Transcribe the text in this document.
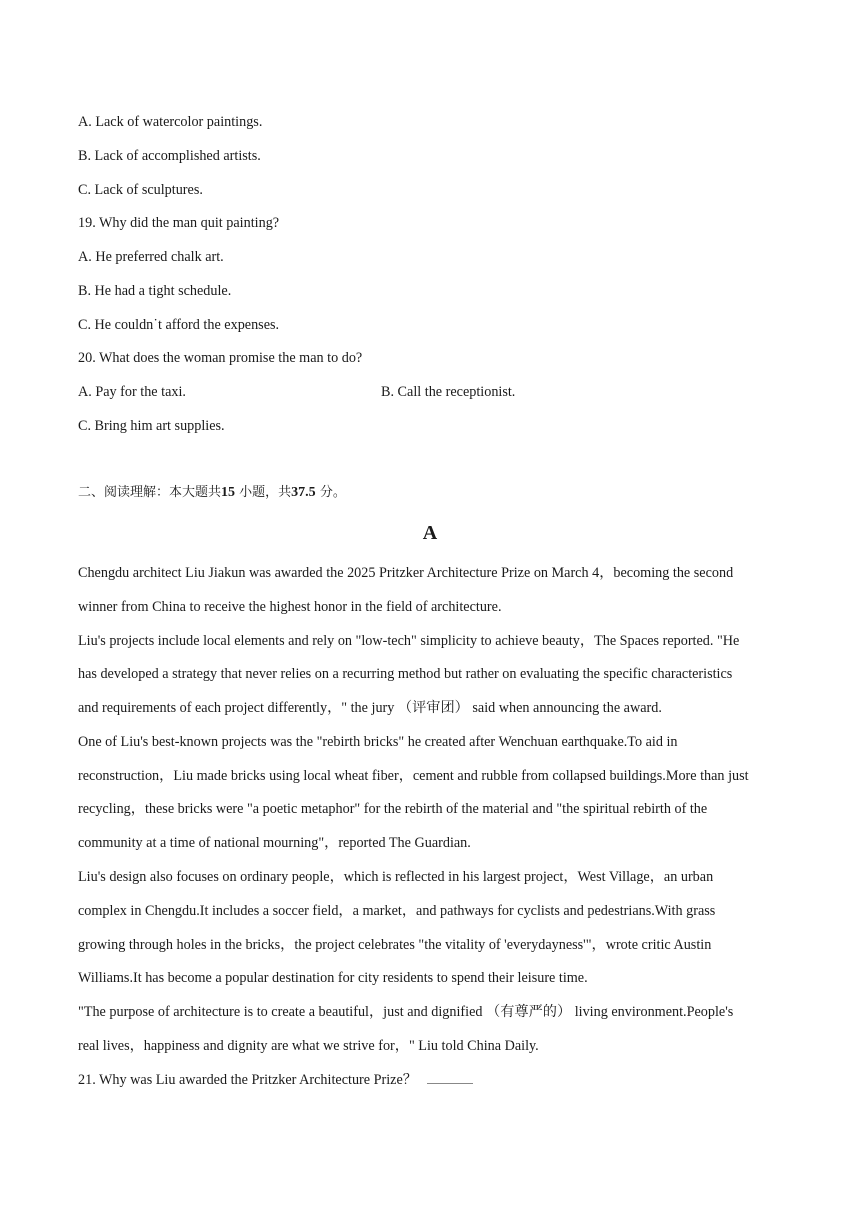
A. Lack of watercolor paintings.
B. Lack of accomplished artists.
C. Lack of sculptures.
19. Why did the man quit painting?
A. He preferred chalk art.
B. He had a tight schedule.
C. He couldn˙t afford the expenses.
20. What does the woman promise the man to do?
A. Pay for the taxi.	B. Call the receptionist.
C. Bring him art supplies.
二、阅读理解：本大题共15 小题，共37.5 分。
A
Chengdu architect Liu Jiakun was awarded the 2025 Pritzker Architecture Prize on March 4，becoming the second
winner from China to receive the highest honor in the field of architecture.
Liu's projects include local elements and rely on "low-tech" simplicity to achieve beauty，The Spaces reported. "He
has developed a strategy that never relies on a recurring method but rather on evaluating the specific characteristics
and requirements of each project differently，" the jury （评审团） said when announcing the award.
One of Liu's best-known projects was the "rebirth bricks" he created after Wenchuan earthquake.To aid in
reconstruction，Liu made bricks using local wheat fiber，cement and rubble from collapsed buildings.More than just
recycling，these bricks were "a poetic metaphor" for the rebirth of the material and "the spiritual rebirth of the
community at a time of national mourning"，reported The Guardian.
Liu's design also focuses on ordinary people，which is reflected in his largest project，West Village，an urban
complex in Chengdu.It includes a soccer field，a market，and pathways for cyclists and pedestrians.With grass
growing through holes in the bricks，the project celebrates "the vitality of 'everydayness'"，wrote critic Austin
Williams.It has become a popular destination for city residents to spend their leisure time.
"The purpose of architecture is to create a beautiful，just and dignified （有尊严的） living environment.People's
real lives，happiness and dignity are what we strive for，" Liu told China Daily.
21. Why was Liu awarded the Pritzker Architecture Prize？
